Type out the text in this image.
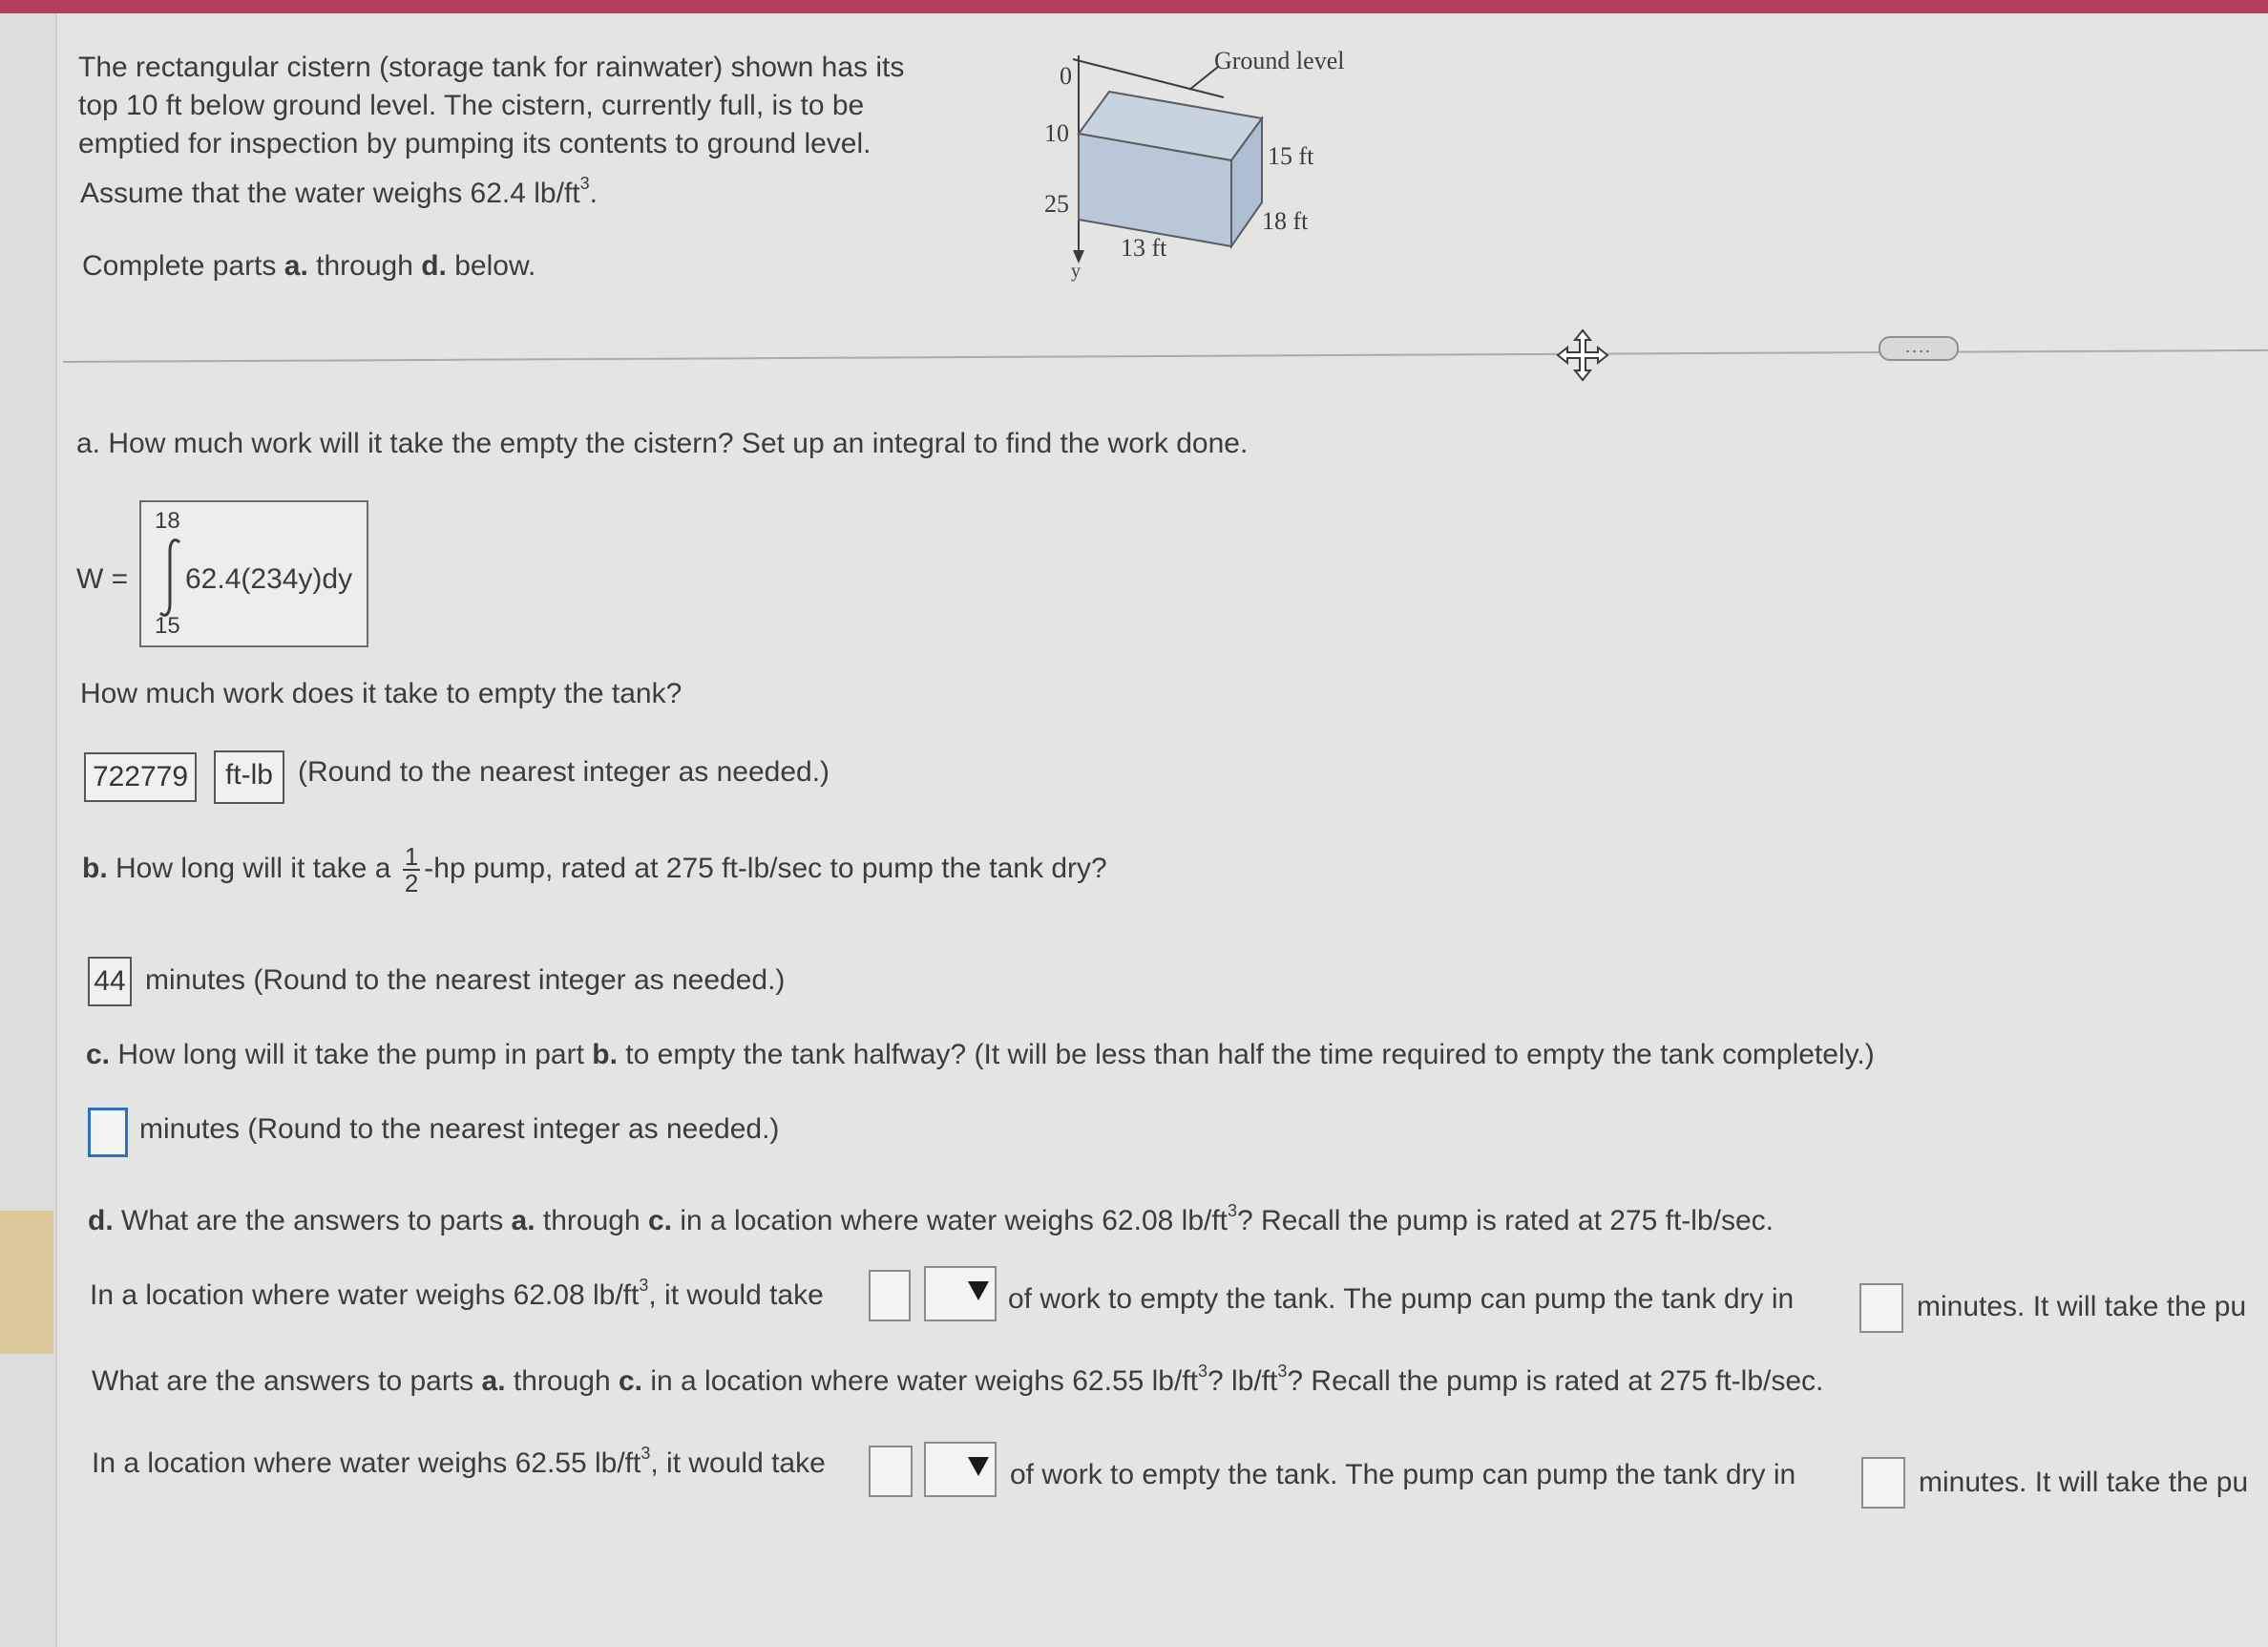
The rectangular cistern (storage tank for rainwater) shown has its
top 10 ft below ground level. The cistern, currently full, is to be
emptied for inspection by pumping its contents to ground level.
Assume that the water weighs 62.4 $lb/ft^3$.
Complete parts a. through d. below.
Ground level
0
10
25
y
15 ft
18 ft
13 ft
....
a. How much work will it take the empty the cistern? Set up an integral to find the work done.
W =
18
15
62.4(234y)dy
How much work does it take to empty the tank?
722779	ft-lb (Round to the nearest integer as needed.)
b. How long will it take a $\frac{1}{2} -hp$ pump, rated at 275 ft-lb/sec to pump the tank dry?
44 minutes (Round to the nearest integer as needed.)
c. How long will it take the pump in part b. to empty the tank halfway? (It will be less than half the time required to empty the tank completely.)
minutes (Round to the nearest integer as needed.)
d. What are the answers to parts a. through c. in a location where water weighs 62.08 $lb/ft^3$? Recall the pump is rated at 275 ft-lb/sec.
In a location where water weighs 62.08 $lb/ft^3$, it would take	of work to empty the tank. The pump can pump the tank dry in	minutes. It will take the pu
What are the answers to parts a. through c. in a location where water weighs 62.55 $lb/ft^3$? $lb/ft^3$? Recall the pump is rated at 275 ft-lb/sec.
In a location where water weighs 62.55 $lb/ft^3$, it would take	of work to empty the tank. The pump can pump the tank dry in	minutes. It will take the pu
